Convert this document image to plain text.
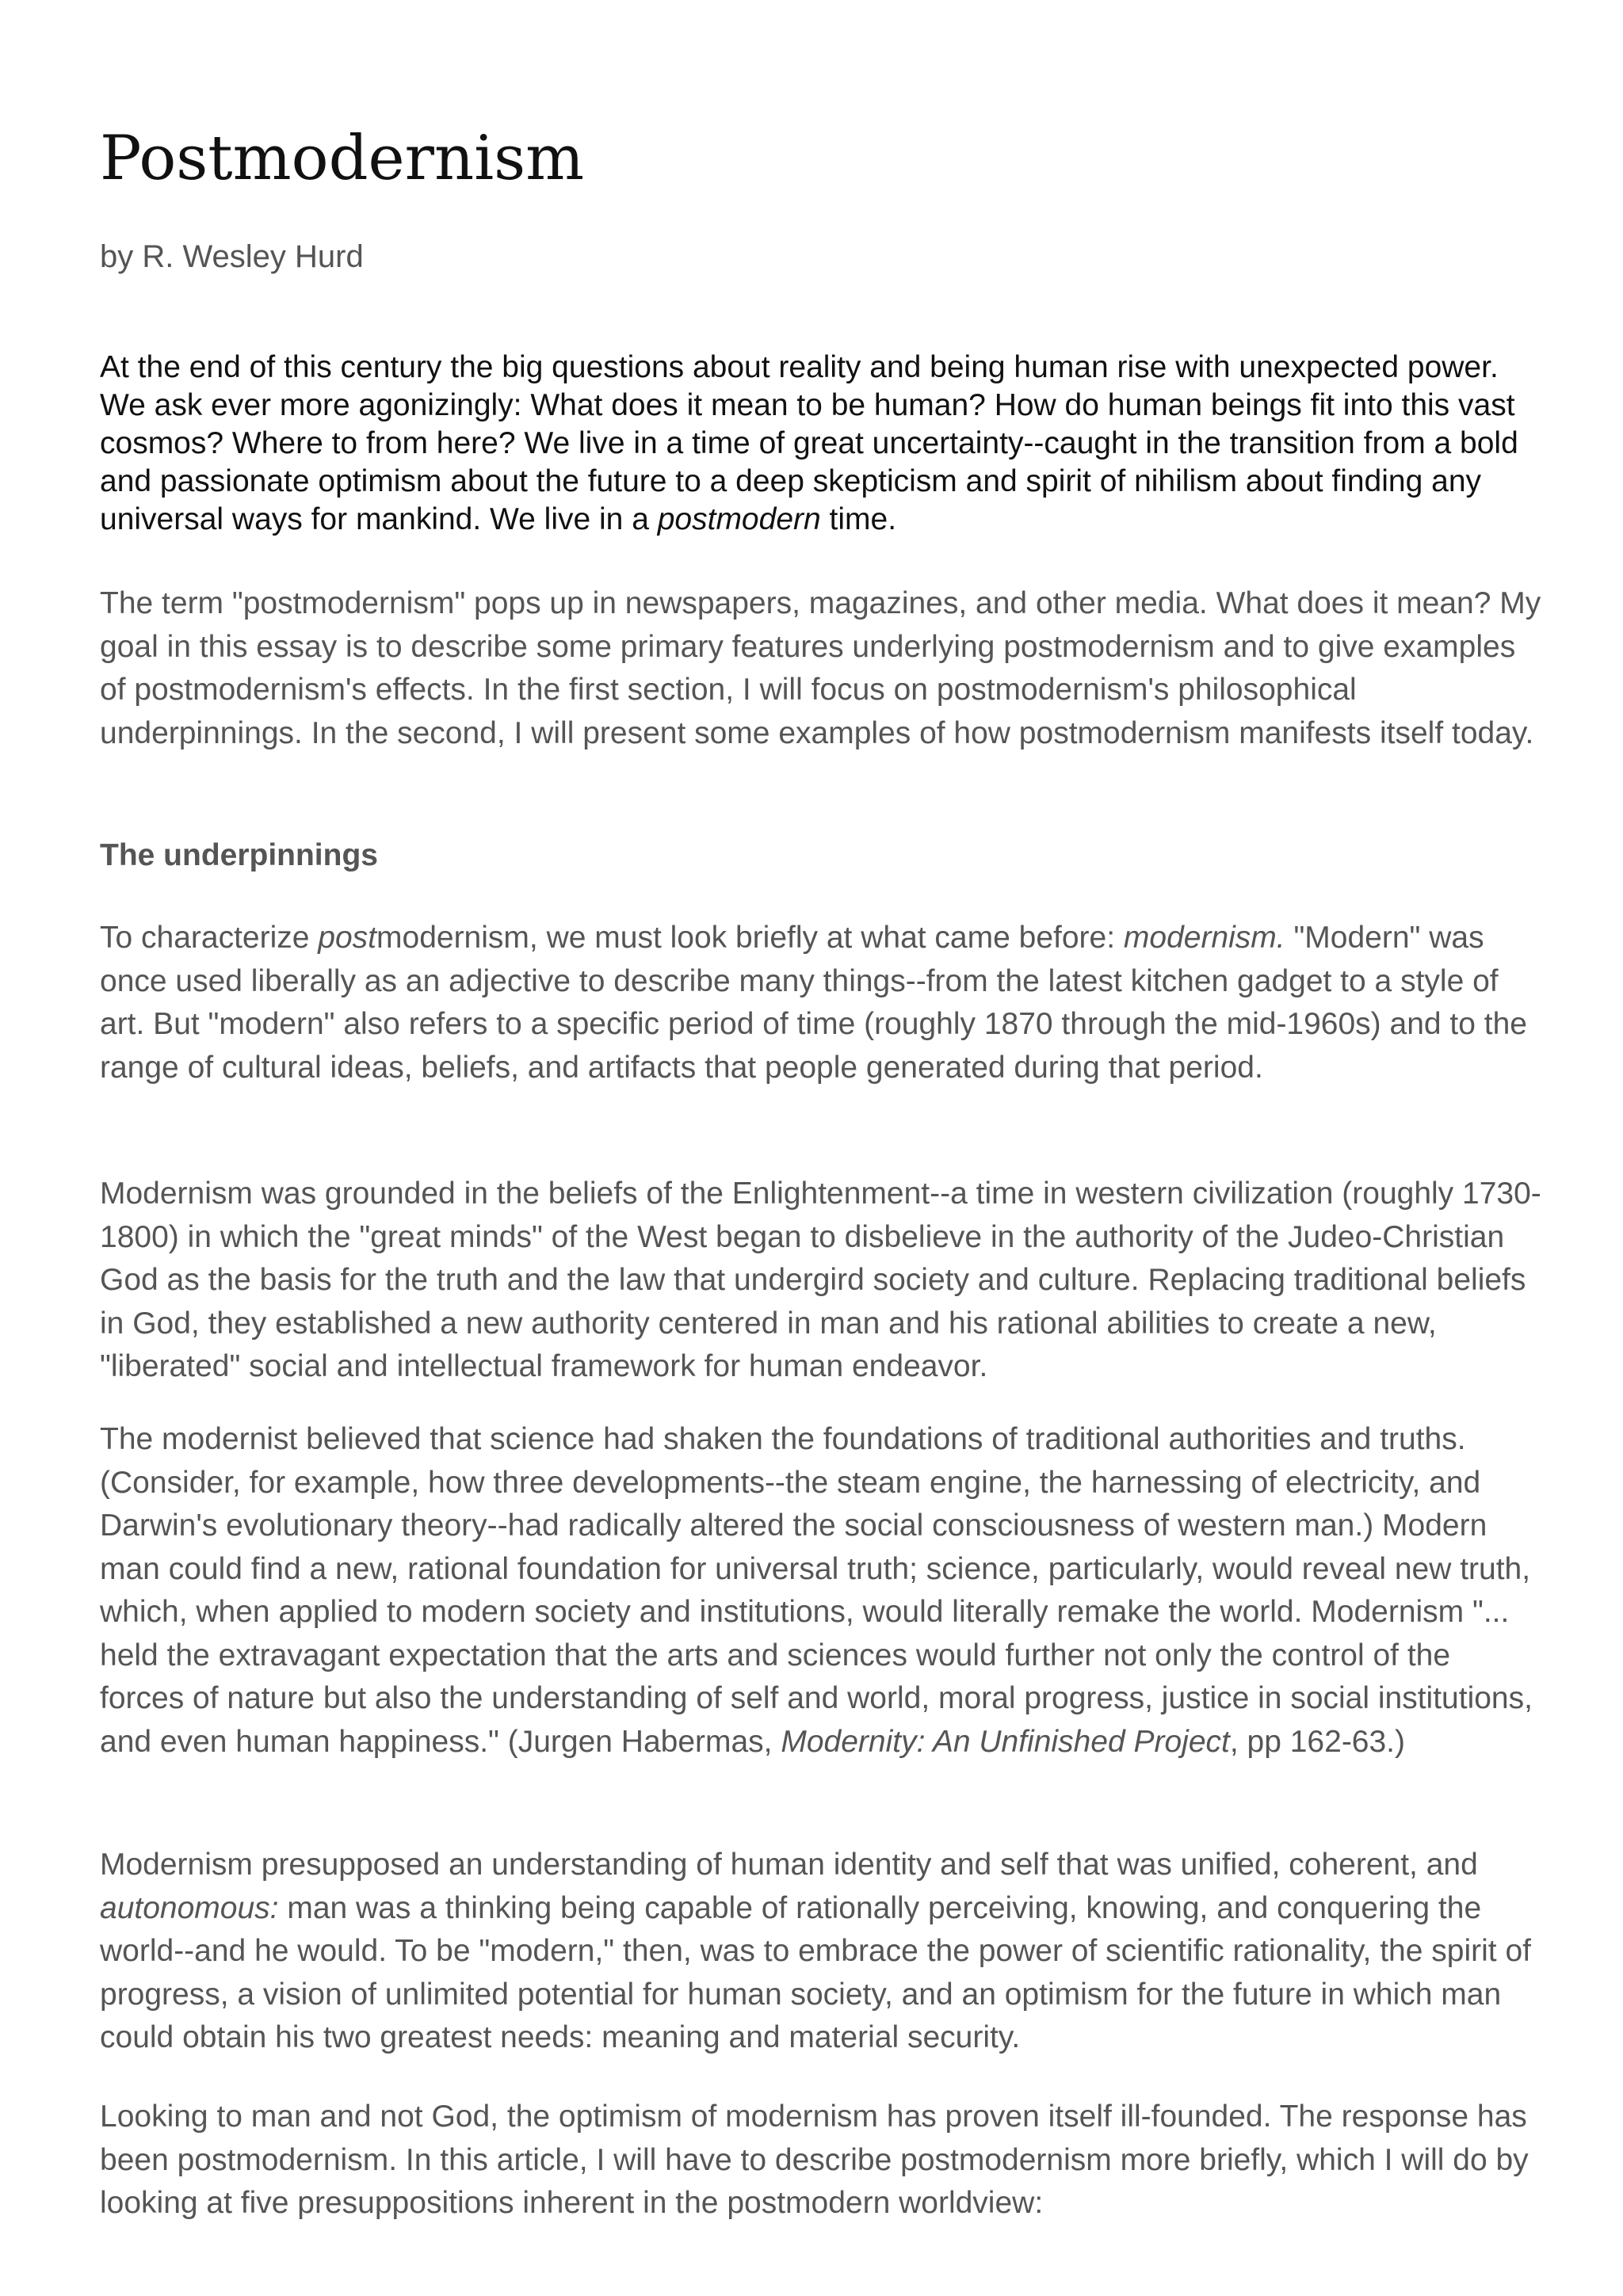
Postmodernism

by R. Wesley Hurd

At the end of this century the big questions about reality and being human rise with unexpected power. We ask ever more agonizingly: What does it mean to be human? How do human beings fit into this vast cosmos? Where to from here? We live in a time of great uncertainty--caught in the transition from a bold and passionate optimism about the future to a deep skepticism and spirit of nihilism about finding any universal ways for mankind. We live in a postmodern time.

The term "postmodernism" pops up in newspapers, magazines, and other media. What does it mean? My goal in this essay is to describe some primary features underlying postmodernism and to give examples of postmodernism's effects. In the first section, I will focus on postmodernism's philosophical underpinnings. In the second, I will present some examples of how postmodernism manifests itself today.

The underpinnings

To characterize postmodernism, we must look briefly at what came before: modernism. "Modern" was once used liberally as an adjective to describe many things--from the latest kitchen gadget to a style of art. But "modern" also refers to a specific period of time (roughly 1870 through the mid-1960s) and to the range of cultural ideas, beliefs, and artifacts that people generated during that period.

Modernism was grounded in the beliefs of the Enlightenment--a time in western civilization (roughly 1730-1800) in which the "great minds" of the West began to disbelieve in the authority of the Judeo-Christian God as the basis for the truth and the law that undergird society and culture. Replacing traditional beliefs in God, they established a new authority centered in man and his rational abilities to create a new, "liberated" social and intellectual framework for human endeavor.

The modernist believed that science had shaken the foundations of traditional authorities and truths. (Consider, for example, how three developments--the steam engine, the harnessing of electricity, and Darwin's evolutionary theory--had radically altered the social consciousness of western man.) Modern man could find a new, rational foundation for universal truth; science, particularly, would reveal new truth, which, when applied to modern society and institutions, would literally remake the world. Modernism "... held the extravagant expectation that the arts and sciences would further not only the control of the forces of nature but also the understanding of self and world, moral progress, justice in social institutions, and even human happiness." (Jurgen Habermas, Modernity: An Unfinished Project, pp 162-63.)

Modernism presupposed an understanding of human identity and self that was unified, coherent, and autonomous: man was a thinking being capable of rationally perceiving, knowing, and conquering the world--and he would. To be "modern," then, was to embrace the power of scientific rationality, the spirit of progress, a vision of unlimited potential for human society, and an optimism for the future in which man could obtain his two greatest needs: meaning and material security.

Looking to man and not God, the optimism of modernism has proven itself ill-founded. The response has been postmodernism. In this article, I will have to describe postmodernism more briefly, which I will do by looking at five presuppositions inherent in the postmodern worldview:
